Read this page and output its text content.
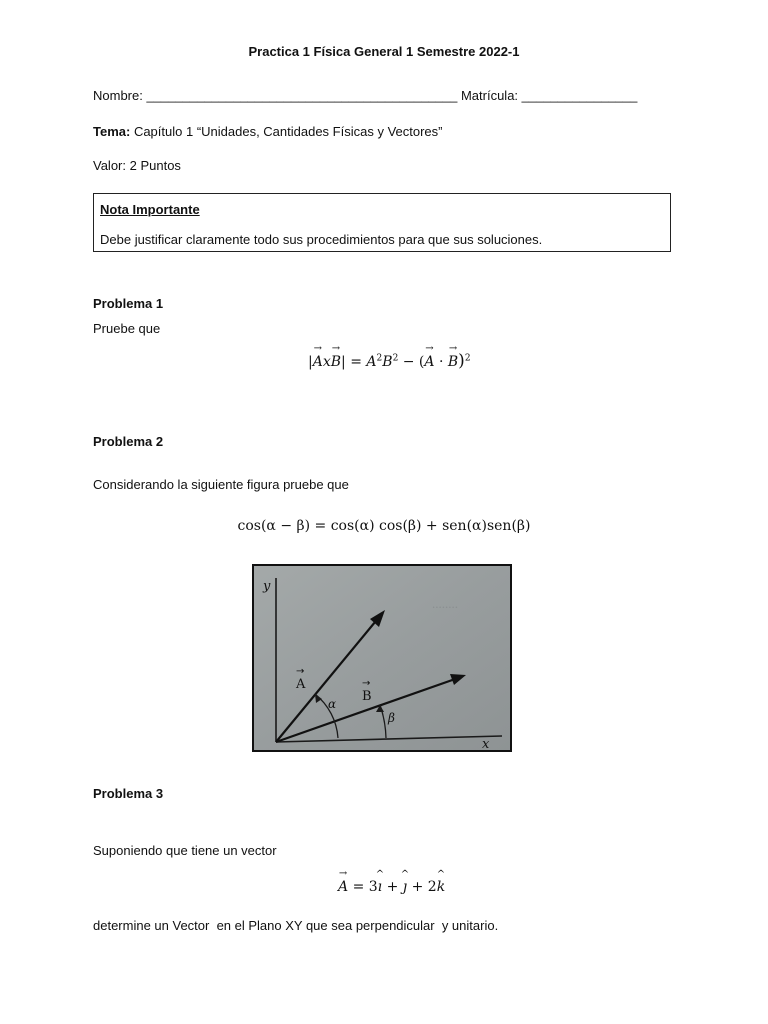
Practica 1 Física General 1 Semestre 2022-1
Nombre: ___________________________________________ Matrícula: ________________
Tema: Capítulo 1 “Unidades, Cantidades Físicas y Vectores”
Valor: 2 Puntos
Nota Importante
Debe justificar claramente todo sus procedimientos para que sus soluciones.
Problema 1
Pruebe que
|→ $Ax\to B| = A^2B^2$ − (→ A · → B)$^2$
Problema 2
Considerando la siguiente figura pruebe que
cos(α − β) = cos(α) cos(β) + sen(α)sen(β)
........
y
x
A
→
B
→
α
β
Problema 3
Suponiendo que tiene un vector
→ A = 3^ ı + ^ ȷ + 2^ k
determine un Vector  en el Plano XY que sea perpendicular  y unitario.
